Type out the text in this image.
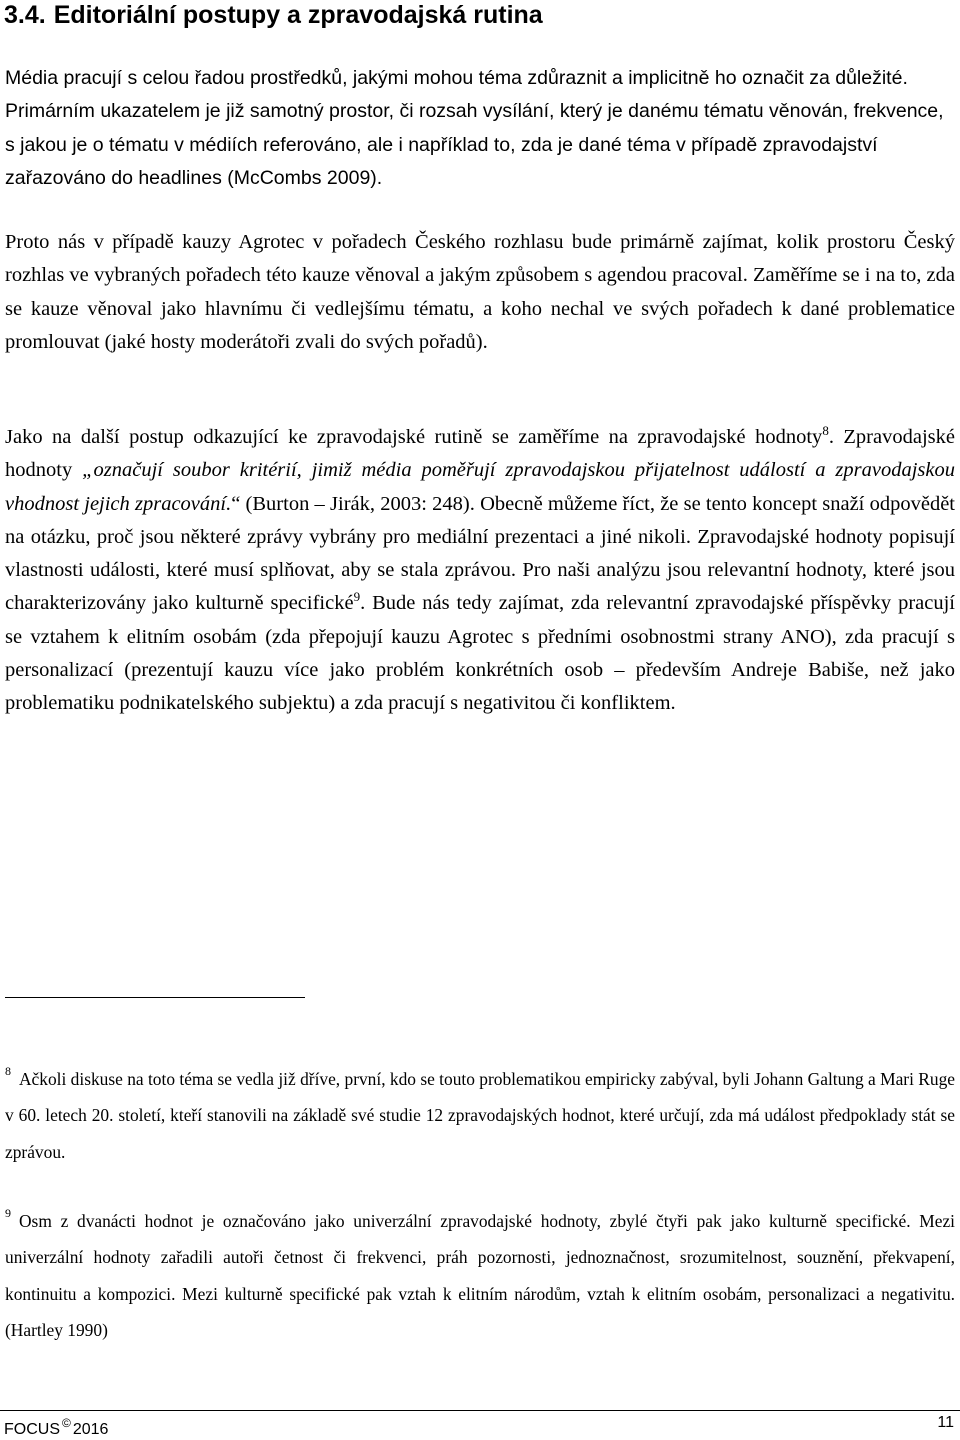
3.4. Editoriální postupy a zpravodajská rutina

Média pracují s celou řadou prostředků, jakými mohou téma zdůraznit a implicitně ho označit za důležité. Primárním ukazatelem je již samotný prostor, či rozsah vysílání, který je danému tématu věnován, frekvence, s jakou je o tématu v médiích referováno, ale i například to, zda je dané téma v případě zpravodajství zařazováno do headlines (McCombs 2009).

Proto nás v případě kauzy Agrotec v pořadech Českého rozhlasu bude primárně zajímat, kolik prostoru Český rozhlas ve vybraných pořadech této kauze věnoval a jakým způsobem s agendou pracoval. Zaměříme se i na to, zda se kauze věnoval jako hlavnímu či vedlejšímu tématu, a koho nechal ve svých pořadech k dané problematice promlouvat (jaké hosty moderátoři zvali do svých pořadů).

Jako na další postup odkazující ke zpravodajské rutině se zaměříme na zpravodajské hodnoty$^8$. Zpravodajské hodnoty „označují soubor kritérií, jimiž média poměřují zpravodajskou přijatelnost událostí a zpravodajskou vhodnost jejich zpracování.“ (Burton – Jirák, 2003: 248). Obecně můžeme říct, že se tento koncept snaží odpovědět na otázku, proč jsou některé zprávy vybrány pro mediální prezentaci a jiné nikoli. Zpravodajské hodnoty popisují vlastnosti události, které musí splňovat, aby se stala zprávou. Pro naši analýzu jsou relevantní hodnoty, které jsou charakterizovány jako kulturně specifické$^9$. Bude nás tedy zajímat, zda relevantní zpravodajské příspěvky pracují se vztahem k elitním osobám (zda přepojují kauzu Agrotec s předními osobnostmi strany ANO), zda pracují s personalizací (prezentují kauzu více jako problém konkrétních osob – především Andreje Babiše, než jako problematiku podnikatelského subjektu) a zda pracují s negativitou či konfliktem.

$^8$ Ačkoli diskuse na toto téma se vedla již dříve, první, kdo se touto problematikou empiricky zabýval, byli Johann Galtung a Mari Ruge v 60. letech 20. století, kteří stanovili na základě své studie 12 zpravodajských hodnot, které určují, zda má událost předpoklady stát se zprávou.

$^9$ Osm z dvanácti hodnot je označováno jako univerzální zpravodajské hodnoty, zbylé čtyři pak jako kulturně specifické. Mezi univerzální hodnoty zařadili autoři četnost či frekvenci, práh pozornosti, jednoznačnost, srozumitelnost, souznění, překvapení, kontinuitu a kompozici. Mezi kulturně specifické pak vztah k elitním národům, vztah k elitním osobám, personalizaci a negativitu. (Hartley 1990)

FOCUS © 2016	11
